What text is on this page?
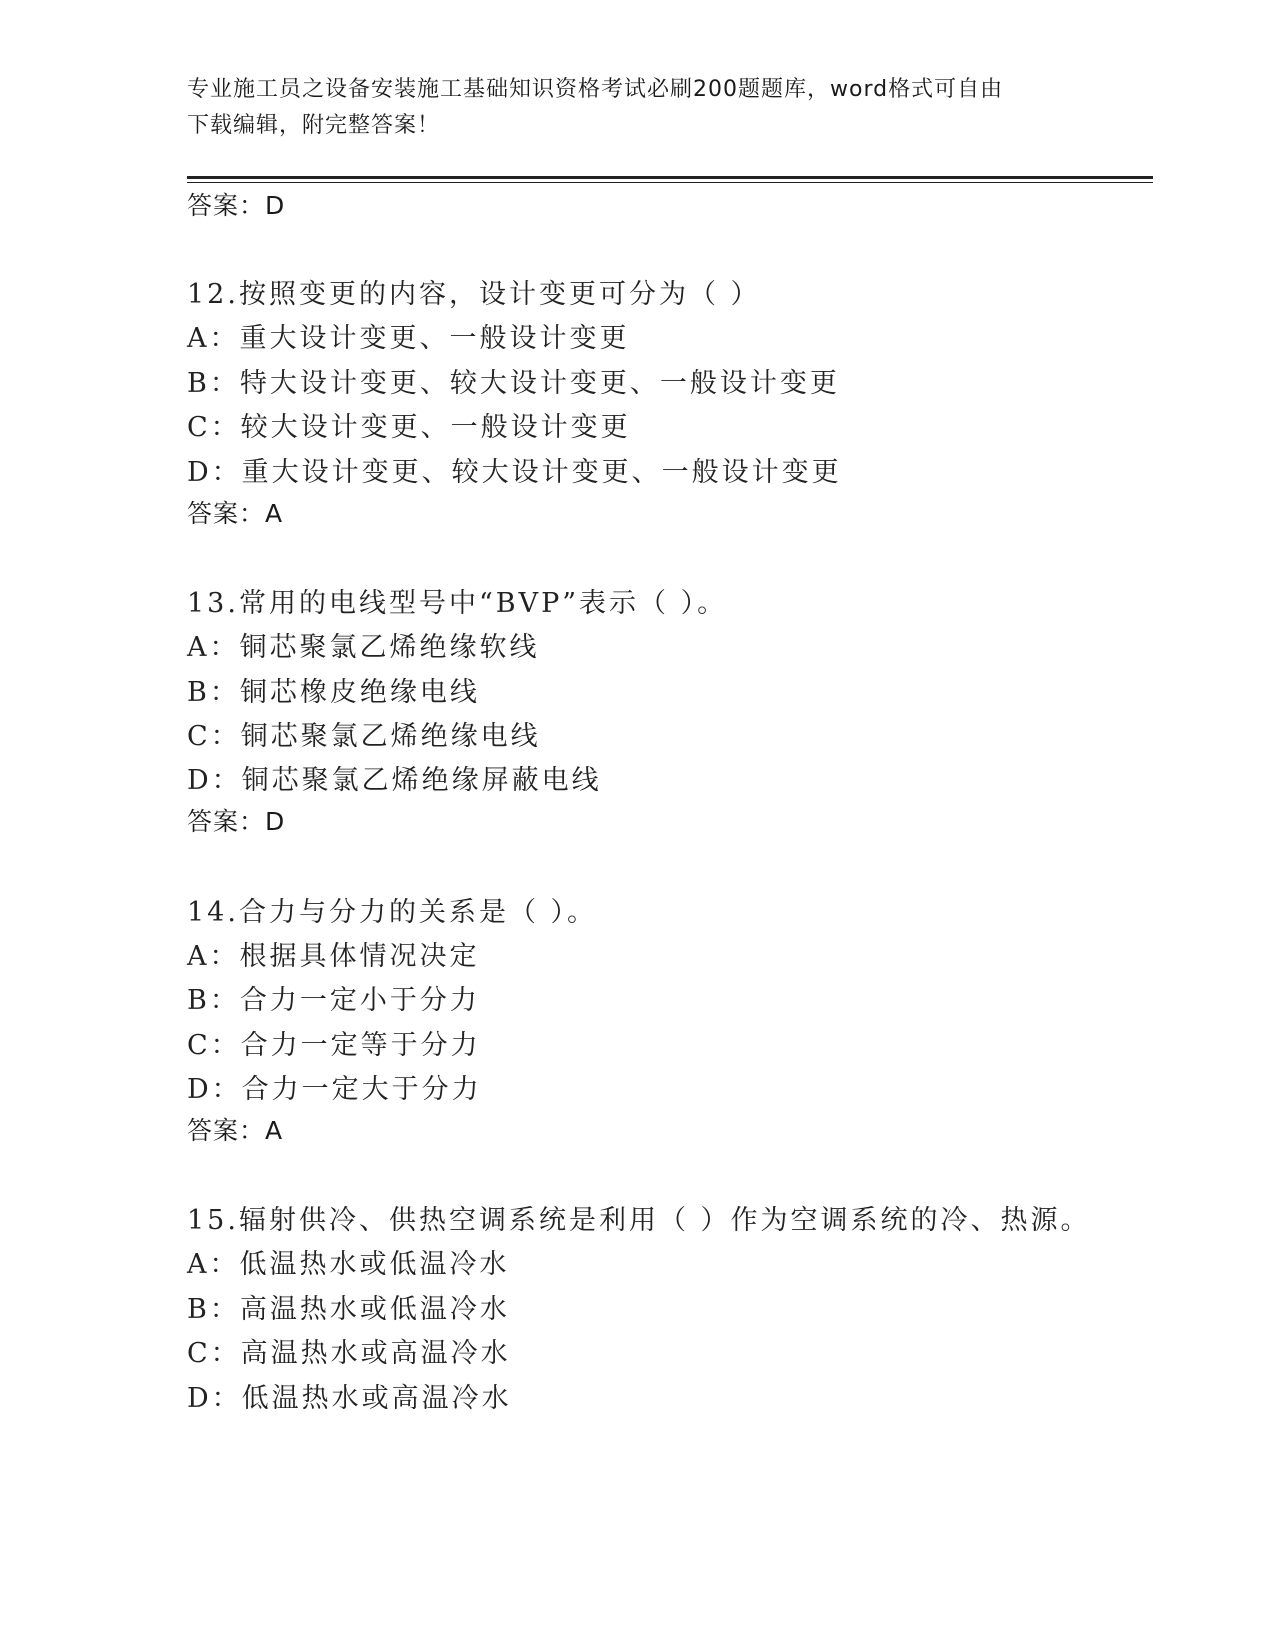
专业施工员之设备安装施工基础知识资格考试必刷200题题库，word格式可自由
下载编辑，附完整答案！
答案：D
12.按照变更的内容，设计变更可分为（ ）
A：重大设计变更、一般设计变更
B：特大设计变更、较大设计变更、一般设计变更
C：较大设计变更、一般设计变更
D：重大设计变更、较大设计变更、一般设计变更
答案：A
13.常用的电线型号中“BVP”表示（ ）。
A：铜芯聚氯乙烯绝缘软线
B：铜芯橡皮绝缘电线
C：铜芯聚氯乙烯绝缘电线
D：铜芯聚氯乙烯绝缘屏蔽电线
答案：D
14.合力与分力的关系是（ ）。
A：根据具体情况决定
B：合力一定小于分力
C：合力一定等于分力
D：合力一定大于分力
答案：A
15.辐射供冷、供热空调系统是利用（ ）作为空调系统的冷、热源。
A：低温热水或低温冷水
B：高温热水或低温冷水
C：高温热水或高温冷水
D：低温热水或高温冷水
